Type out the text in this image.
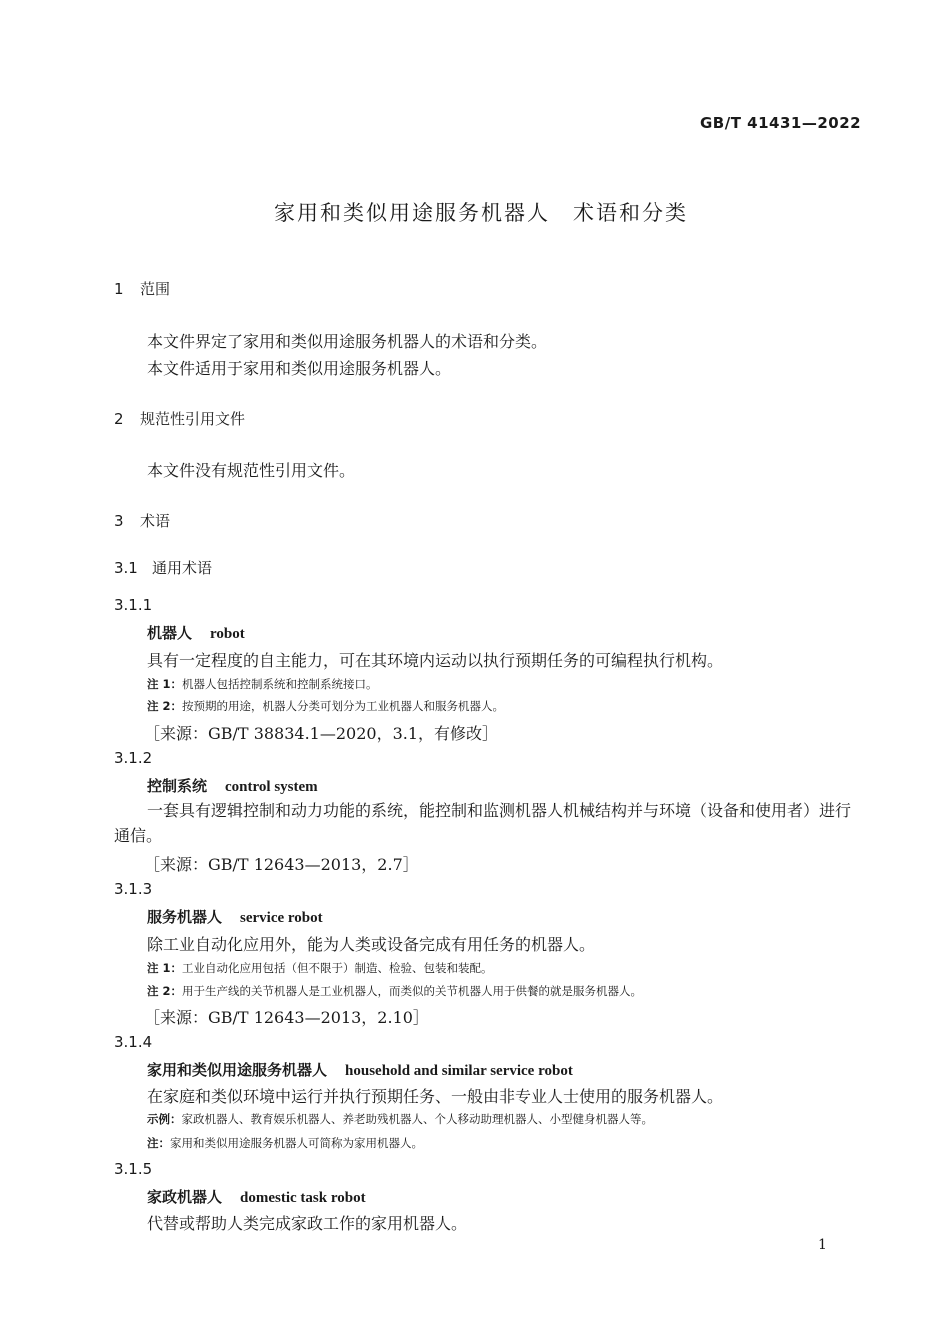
GB/T 41431—2022
家用和类似用途服务机器人　术语和分类
1 范围
本文件界定了家用和类似用途服务机器人的术语和分类。
本文件适用于家用和类似用途服务机器人。
2 规范性引用文件
本文件没有规范性引用文件。
3 术语
3.1 通用术语
3.1.1
机器人 robot
具有一定程度的自主能力，可在其环境内运动以执行预期任务的可编程执行机构。
注 1：机器人包括控制系统和控制系统接口。
注 2：按预期的用途，机器人分类可划分为工业机器人和服务机器人。
［来源：GB/T 38834.1—2020，3.1，有修改］
3.1.2
控制系统 control system
一套具有逻辑控制和动力功能的系统，能控制和监测机器人机械结构并与环境（设备和使用者）进行通信。
［来源：GB/T 12643—2013，2.7］
3.1.3
服务机器人 service robot
除工业自动化应用外，能为人类或设备完成有用任务的机器人。
注 1：工业自动化应用包括（但不限于）制造、检验、包装和装配。
注 2：用于生产线的关节机器人是工业机器人，而类似的关节机器人用于供餐的就是服务机器人。
［来源：GB/T 12643—2013，2.10］
3.1.4
家用和类似用途服务机器人 household and similar service robot
在家庭和类似环境中运行并执行预期任务、一般由非专业人士使用的服务机器人。
示例：家政机器人、教育娱乐机器人、养老助残机器人、个人移动助理机器人、小型健身机器人等。
注：家用和类似用途服务机器人可简称为家用机器人。
3.1.5
家政机器人 domestic task robot
代替或帮助人类完成家政工作的家用机器人。
1
